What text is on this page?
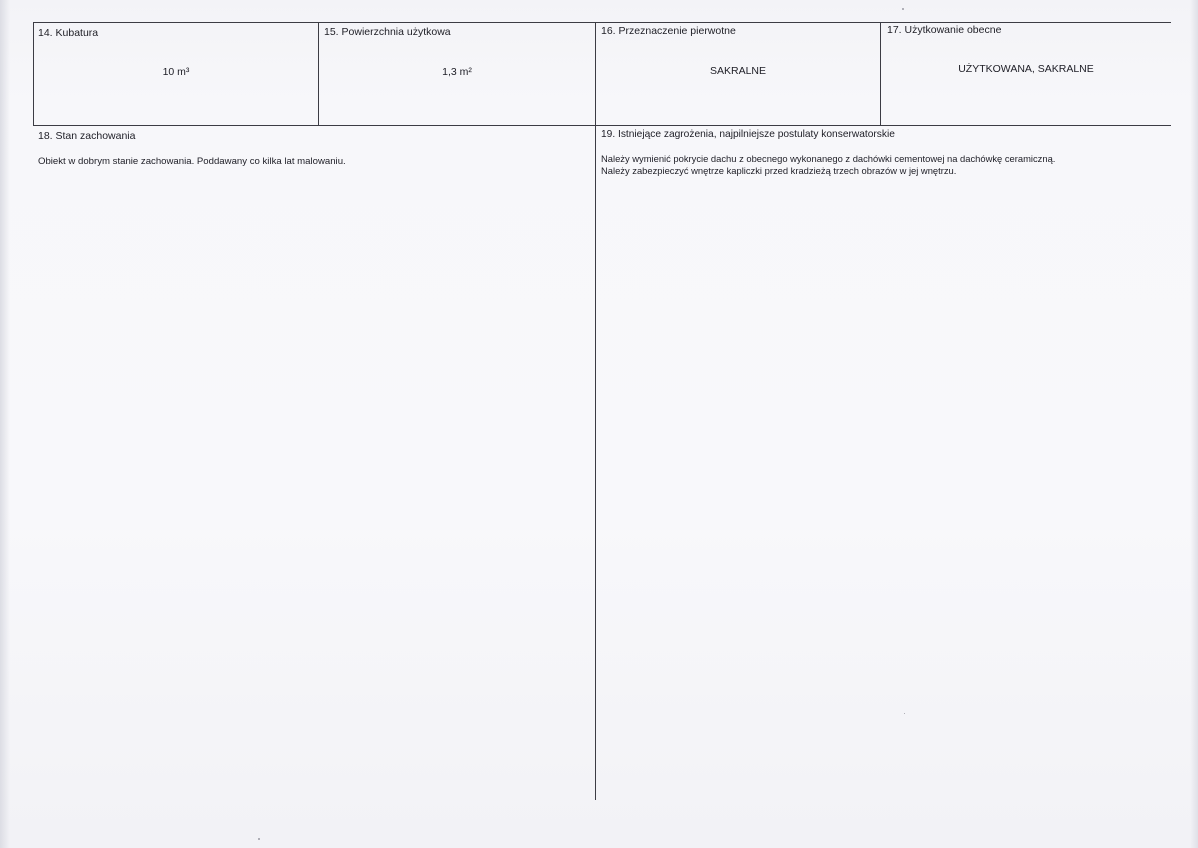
14. Kubatura
10 m³
15. Powierzchnia użytkowa
1,3 m²
16. Przeznaczenie pierwotne
SAKRALNE
17. Użytkowanie obecne
UŻYTKOWANA, SAKRALNE
18. Stan zachowania
Obiekt w dobrym stanie zachowania. Poddawany co kilka lat malowaniu.
19. Istniejące zagrożenia, najpilniejsze postulaty konserwatorskie
Należy wymienić pokrycie dachu z obecnego wykonanego z dachówki cementowej na dachówkę ceramiczną.
Należy zabezpieczyć wnętrze kapliczki przed kradzieżą trzech obrazów w jej wnętrzu.
